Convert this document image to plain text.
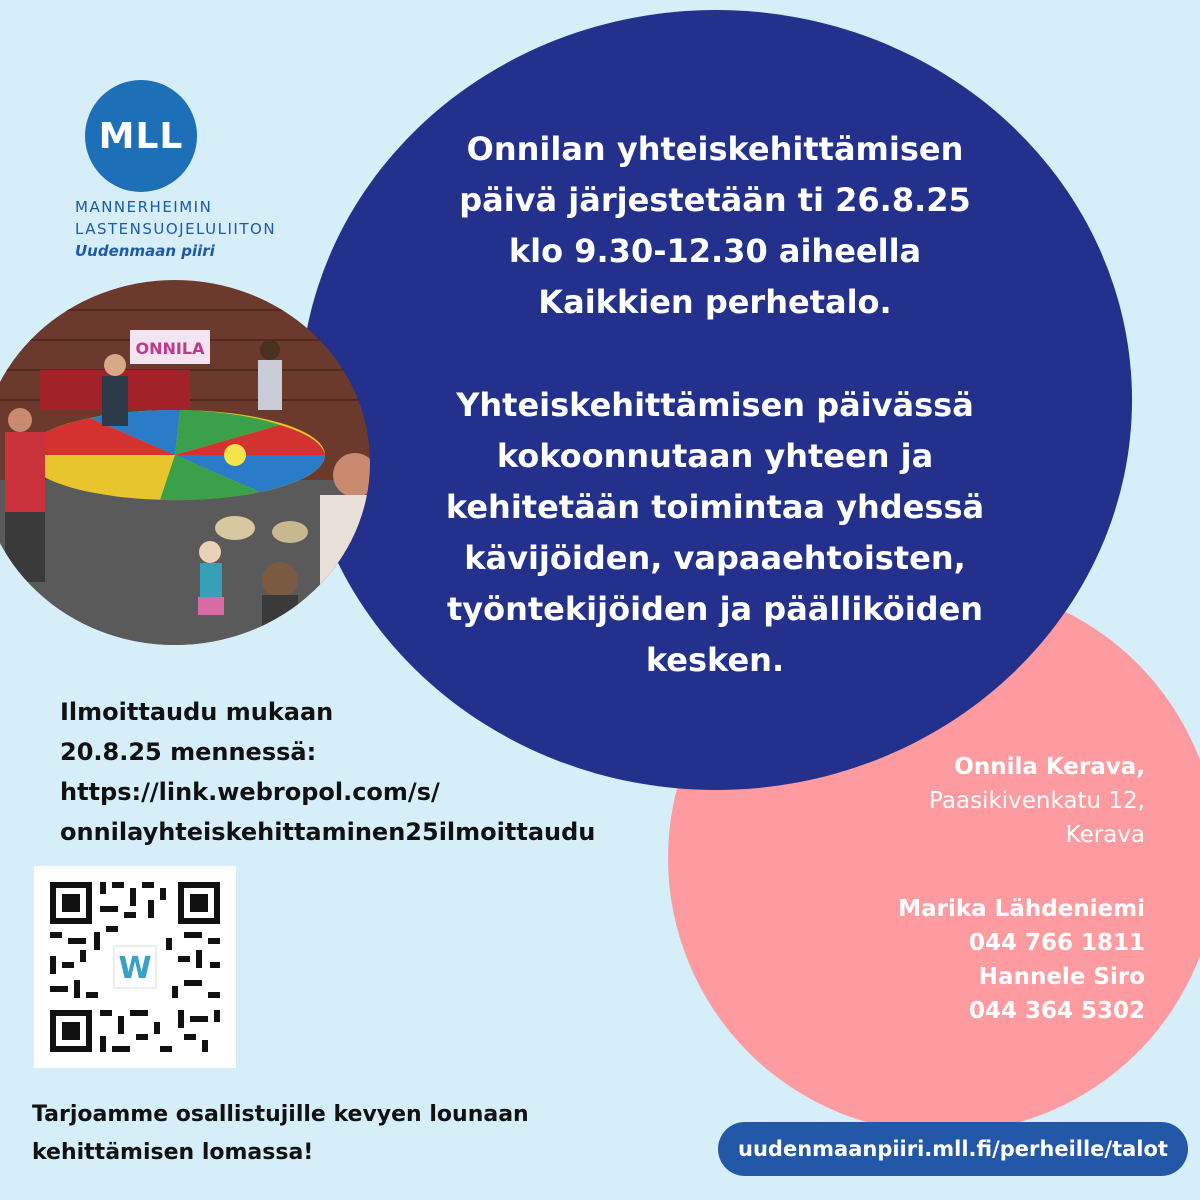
MLL
MANNERHEIMIN
LASTENSUOJELULIITON
Uudenmaan piiri
Onnilan yhteiskehittämisen
päivä järjestetään ti 26.8.25
klo 9.30-12.30 aiheella
Kaikkien perhetalo.
Yhteiskehittämisen päivässä
kokoonnutaan yhteen ja
kehitetään toimintaa yhdessä
kävijöiden, vapaaehtoisten,
työntekijöiden ja päälliköiden
kesken.
ONNILA
Ilmoittaudu mukaan
20.8.25 mennessä:
https://link.webropol.com/s/
onnilayhteiskehittaminen25ilmoittaudu
W
Tarjoamme osallistujille kevyen lounaan
kehittämisen lomassa!
Onnila Kerava,
Paasikivenkatu 12,
Kerava
Marika Lähdeniemi
044 766 1811
Hannele Siro
044 364 5302
uudenmaanpiiri.mll.fi/perheille/talot
